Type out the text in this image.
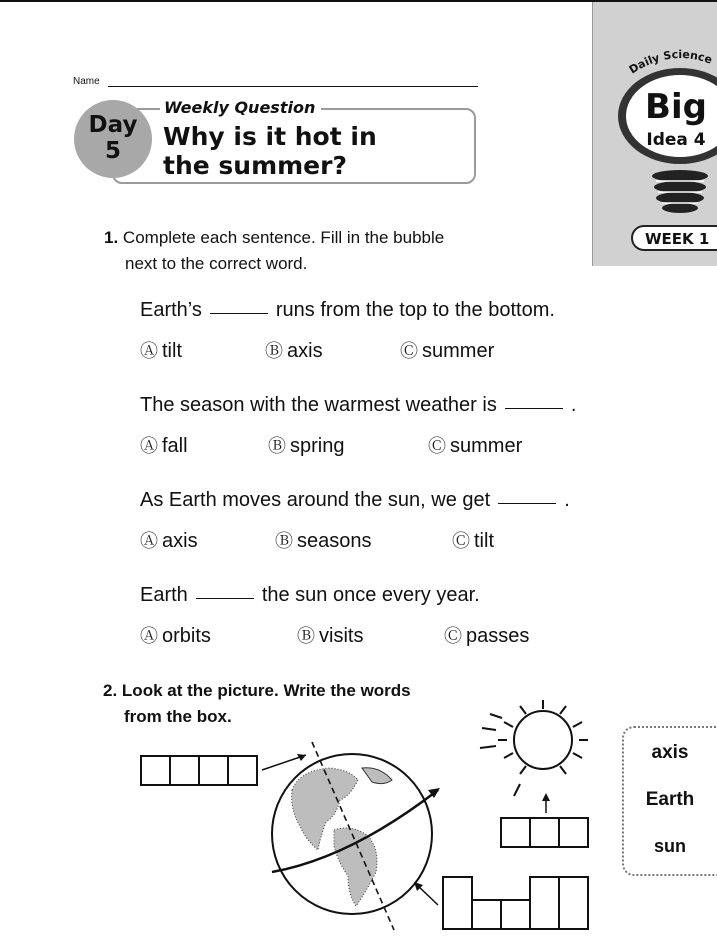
Daily Science
Big
Idea 4
WEEK 1
Name
Weekly Question
Why is it hot in
the summer?
Day
5
1. Complete each sentence. Fill in the bubble
next to the correct word.
Earth’s	runs from the top to the bottom.
Ⓐ tilt	Ⓑ axis	Ⓒ summer
The season with the warmest weather is	.
Ⓐ fall	Ⓑ spring	Ⓒ summer
As Earth moves around the sun, we get	.
Ⓐ axis	Ⓑ seasons	Ⓒ tilt
Earth	the sun once every year.
Ⓐ orbits	Ⓑ visits	Ⓒ passes
2. Look at the picture. Write the words
from the box.
axis
Earth
sun
